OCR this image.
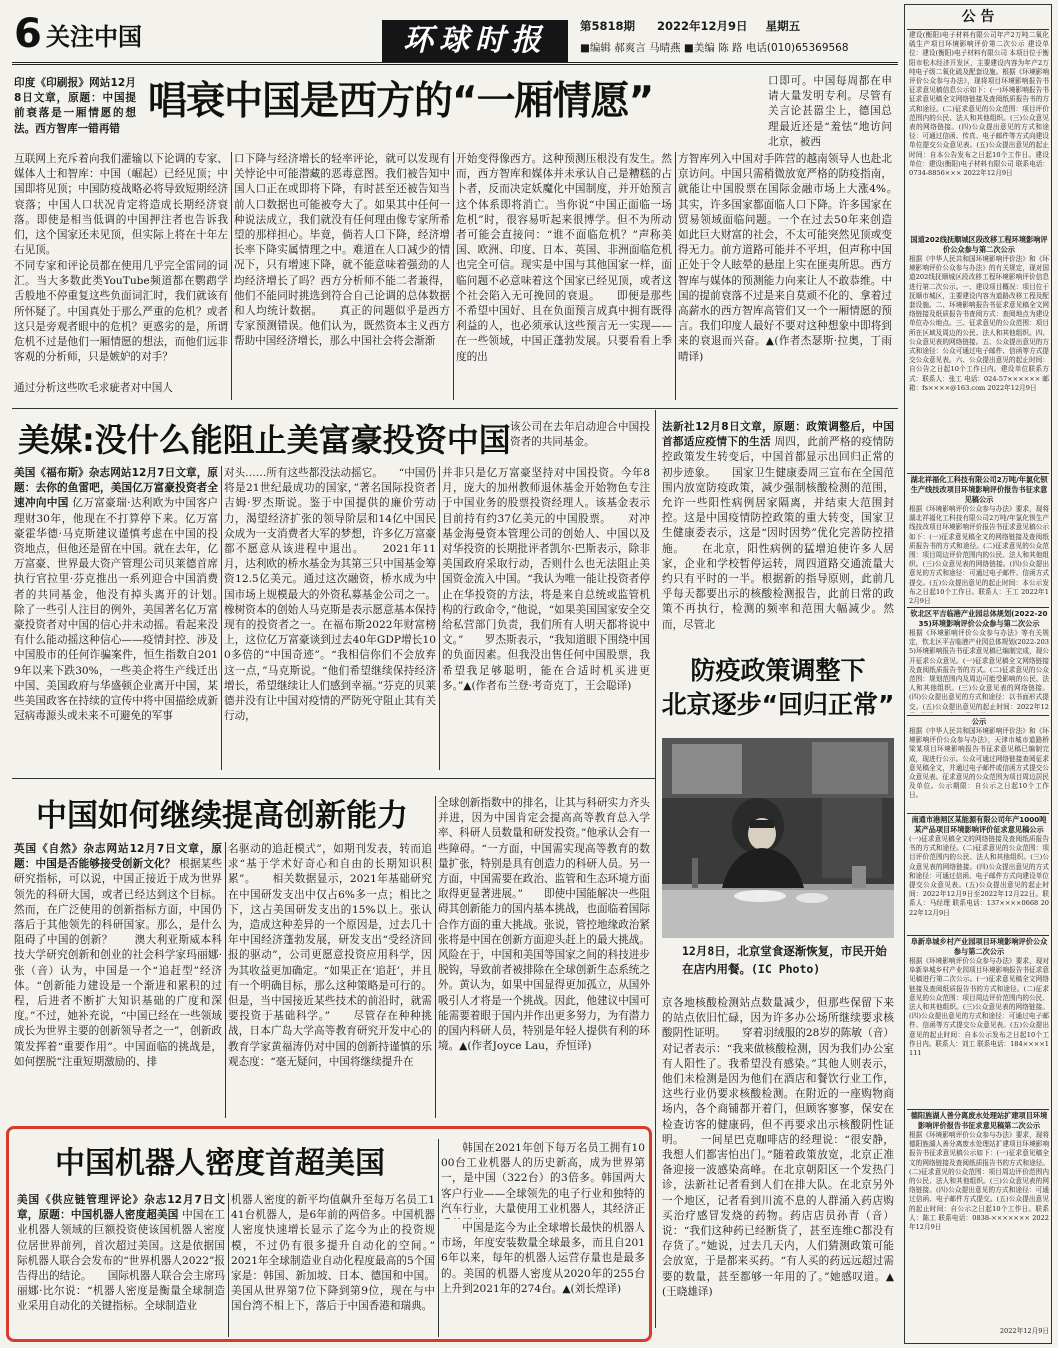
6 关注中国	环球时报	第5818期 2022年12月9日 星期五
■编辑 郝爽言 马晴燕 ■美编 陈 路 电话(010)65369568
印度《印刷报》网站12月8日文章，原题：中国提前衰落是一厢情愿的想法。西方智库一错再错
唱衰中国是西方的“一厢情愿”
互联网上充斥着向我们灌输以下论调的专家、媒体人士和智库：中国（崛起）已经见顶；中国即将见顶；中国防疫战略必将导致短期经济衰落；中国人口状况肯定将造成长期经济衰落。即使是相当低调的中国押注者也告诉我们，这个国家还未见顶，但实际上将在十年左右见顶。
不同专家和评论员都在使用几乎完全雷同的词汇。当大多数此类YouTube频道都在鹦鹉学舌般地不停重复这些负面词汇时，我们就该有所怀疑了。中国真处于那么严重的危机？或者这只是旁观者眼中的危机？更惑劣的是，所谓危机不过是他们一厢情愿的想法，而他们远非客观的分析师，只是嫉妒的对手？
通过分析这些吹毛求疵者对中国人
口下降与经济增长的轻率评论，就可以发现有关悖论中可能潜藏的恶毒意图。我们被告知中国人口正在或即将下降，有时甚至还被告知当前人口数据也可能被夸大了。如果其中任何一种说法成立，我们就没有任何理由像专家所希望的那样担心。毕竟，倘若人口下降，经济增长率下降实属情理之中。难道在人口减少的情况下，只有增速下降，就不能意味着强劲的人均经济增长了吗？西方分析师不能二者兼得，他们不能同时挑选到符合自己论调的总体数据和人均统计数据。　　真正的问题似乎是西方专家预测错误。他们认为，既然资本主义西方帮助中国经济增长，那么中国社会将会渐渐
开始变得像西方。这种预测压根没有发生。然而，西方智库和媒体并未承认自己是糟糕的占卜者，反而决定妖魔化中国制度，并开始预言这个体系即将消亡。当你说“中国正面临一场危机”时，很容易听起来很博学。但不为所动者可能会直接问：“谁不面临危机？”声称美国、欧洲、印度、日本、英国、非洲面临危机也完全可信。现实是中国与其他国家一样，面临问题不必意味着这个国家已经见顶，或者这个社会陷入无可挽回的衰退。　　即便是那些不希望中国好、且在负面预言成真中拥有既得利益的人，也必须承认这些预言无一实现——在一些领域，中国正蓬勃发展。只要看看上季度的出
口即可。中国每周都在申请大量发明专利。尽管有关言论甚嚣尘上，德国总理最近还是“羞怯”地访问北京，被西
方智库列入中国对手阵营的越南领导人也赴北京访问。中国只需稍微放宽严格的防疫指南，就能让中国股票在国际金融市场上大涨4%。　　其实，许多国家都面临人口下降。许多国家在贸易领域面临问题。一个在过去50年来创造如此巨大财富的社会，不太可能突然见顶或变得无力。前方道路可能并不平坦，但声称中国正处于令人眩晕的悬崖上实在匪夷所思。西方智库与媒体的预测能力向来让人不敢恭维。中国的提前衰落不过是来自莫顽不化的、拿着过高薪水的西方智库高管们又一个一厢情愿的预言。我们印度人最好不要对这种想象中即将到来的衰退而兴奋。▲(作者杰瑟斯·拉奥，丁雨晴译)
美媒:没什么能阻止美富豪投资中国 该公司在去年启动迎合中国投资者的共同基金。
美国《福布斯》杂志网站12月7日文章，原题：去你的鱼雷吧，美国亿万富豪投资者全速冲向中国 亿万富豪瑞·达利欧为中国客户理财30年，他现在不打算停下来。亿万富豪霍华德·马克斯建议谨慎考虑在中国的投资地点，但他还是留在中国。就在去年，亿万富豪、世界最大资产管理公司贝莱德首席执行官拉里·芬克推出一系列迎合中国消费者的共同基金，他没有掉头离开的计划。　　除了一些引人注目的例外，美国著名亿万富豪投资者对中国的信心并未动摇。看起来没有什么能动摇这种信心——疫情封控、涉及中国股市的任何诈骗案件，恒生指数自2019年以来下跌30%，一些美企将生产线迁出中国、美国政府与华盛顿企业离开中国，某些美国政客在持续的宣传中将中国描绘成新冠病毒源头或未来不可避免的军事
对头……所有这些都没法动摇它。　　“中国仍将是21世纪最成功的国家，”著名国际投资者吉姆·罗杰斯说。鉴于中国提供的廉价劳动力，渴望经济扩张的领导阶层和14亿中国民众成为一支消费者大军的梦想，许多亿万富豪都不愿意从该进程中退出。　　2021年11月，达利欧的桥水基金为其第三只中国基金筹资12.5亿美元。通过这次融资，桥水成为中国市场上规模最大的外资私募基金公司之一。橡树资本的创始人马克斯是表示愿意基本保持现有的投资者之一。在福布斯2022年财富榜上，这位亿万富豪谈到过去40年GDP增长100多倍的“中国奇迹”。“我相信你们不会放弃这一点，”马克斯说。“他们希望继续保持经济增长，希望继续让人们感到幸福。”芬克的贝莱德并没有让中国对疫情的严防死守阻止其有关行动，
并非只是亿万富豪坚持对中国投资。今年8月，庞大的加州教师退休基金开始物色专注于中国业务的股票投资经理人。该基金表示目前持有约37亿美元的中国股票。　　对冲基金海曼资本管理公司的创始人、中国以及对华投资的长期批评者凯尔·巴斯表示，除非美国政府采取行动，否则什么也无法阻止美国资金流入中国。“我认为唯一能让投资者停止在华投资的方法，将是来自总统或监管机构的行政命令，”他说，“如果美国国家安全交给私营部门负责，我们所有人明天都将说中文。”　　罗杰斯表示，“我知道眼下围绕中国的负面因素。但我没出售任何中国股票，我希望我足够聪明，能在合适时机买进更多。”▲(作者布兰登·考奇克丁，王会聪译)
法新社12月8日文章，原题：政策调整后，中国首都适应疫情下的生活 周四，此前严格的疫情防控政策发生转变后，中国首都显示出回归正常的初步迹象。　　国家卫生健康委周三宣布在全国范围内放宽防疫政策，减少强制核酸检测的范围，允许一些阳性病例居家隔离，并结束大范围封控。这是中国疫情防控政策的重大转变，国家卫生健康委表示，这是“因时因势”优化完善防控措施。　　在北京，阳性病例的猛增迫使许多人居家，企业和学校暂停运转，周四道路交通流量大约只有平时的一半。根据新的指导原则，此前几乎每天都要出示的核酸检测报告，此前日常的政策不再执行，检测的频率和范围大幅减少。然而，尽管北
防疫政策调整下
北京逐步“回归正常”
12月8日，北京堂食逐渐恢复，市民开始在店内用餐。(IC Photo)
京各地核酸检测站点数量减少，但那些保留下来的站点依旧忙碌，因为许多办公场所继续要求核酸阴性证明。　　穿着羽绒服的28岁的陈敏（音）对记者表示：“我来做核酸检测，因为我们办公室有人阳性了。我希望没有感染。”其他人则表示，他们未检测是因为他们在酒店和餐饮行业工作，这些行业仍要求核酸检测。在附近的一座购物商场内，各个商铺都开着门，但顾客寥寥，保安在检查访客的健康码，但不再要求出示核酸阴性证明。　　一间星巴克咖啡店的经理说：“很安静，我想人们都害怕出门。”随着政策放宽，北京正准备迎接一波感染高峰。在北京朝阳区一个发热门诊，法新社记者看到人们在排大队。在北京另外一个地区，记者看到川流不息的人群涌入药店购买治疗感冒发烧的药物。药店店员孙青（音）说：“我们这种药已经断货了，甚至连维C都没有存货了。”她说，过去几天内，人们猜测政策可能会放宽，于是都来买药。“有人买的药远远超过需要的数量，甚至都够一年用的了。”她感叹道。▲(王晓雄译)
中国如何继续提高创新能力
英国《自然》杂志网站12月7日文章，原题：中国是否能够接受创新文化？ 根据某些研究指标，可以说，中国正接近于成为世界领先的科研大国，或者已经达到这个目标。然而，在广泛使用的创新指标方面，中国仍落后于其他领先的科研国家。那么，是什么阻碍了中国的创新？　　澳大利亚斯威本科技大学研究创新和创业的社会科学家玛丽娜·张（音）认为，中国是一个“追赶型”经济体。“创新能力建设是一个渐进和累积的过程，后进者不断扩大知识基础的广度和深度。”不过，她补充说，“中国已经在一些领域成长为世界主要的创新领导者之一”，创新政策发挥着“重要作用”。中国面临的挑战是，如何摆脱“注重短期激励的、排
名驱动的追赶模式”，如期刊发表，转而追求“基于学术好奇心和自由的长期知识积累”。　　相关数据显示，2021年基础研究在中国研发支出中仅占6%多一点；相比之下，这占美国研发支出的15%以上。张认为，造成这种差异的一个原因是，过去几十年中国经济蓬勃发展，研发支出“受经济回报的驱动”，公司更愿意投资应用科学，因为其收益更加确定。“如果正在‘追赶’，并且有一个明确目标，那么这种策略是可行的。但是，当中国接近某些技术的前沿时，就需要投资于基础科学。”　　尽管存在种种挑战，日本广岛大学高等教育研究开发中心的教育学家黄福涛仍对中国的创新持谨慎的乐观态度：“毫无疑问，中国将继续提升在
全球创新指数中的排名，让其与科研实力齐头并进，因为中国肯定会提高高等教育总入学率、科研人员数量和研发投资。”他承认会有一些障碍。“一方面，中国需实现高等教育的数量扩张，特别是具有创造力的科研人员。另一方面，中国需要在政治、监管和生态环境方面取得更显著进展。”　　即使中国能解决一些阻碍其创新能力的国内基本挑战，也面临着国际合作方面的重大挑战。张说，管控地缘政治紧张将是中国在创新方面迎头赶上的最大挑战。风险在于，中国和美国等国家之间的科技进步脱钩，导致前者被排除在全球创新生态系统之外。黄认为，如果中国显得更加孤立，从国外吸引人才将是一个挑战。因此，他建议中国可能需要着眼于国内并作出更多努力，为有潜力的国内科研人员，特别是年轻人提供有利的环境。▲(作者Joyce Lau，乔恒译)
中国机器人密度首超美国
美国《供应链管理评论》杂志12月7日文章，原题：中国机器人密度超美国 中国在工业机器人领域的巨额投资使该国机器人密度位居世界前列，首次超过美国。这是依据国际机器人联合会发布的“世界机器人2022”报告得出的结论。　　国际机器人联合会主席玛丽娜·比尔说：“机器人密度是衡量全球制造业采用自动化的关键指标。全球制造业
机器人密度的新平均值飙升至每万名员工141台机器人，是6年前的两倍多。中国机器人密度快速增长显示了迄今为止的投资规模，不过仍有很多提升自动化的空间。”　　2021年全球制造业自动化程度最高的5个国家是：韩国、新加坡、日本、德国和中国。美国从世界第7位下降到第9位，现在与中国台湾不相上下，落后于中国香港和瑞典。
韩国在2021年创下每万名员工拥有1000台工业机器人的历史新高，成为世界第一，是中国（322台）的3倍多。韩国两大客户行业——全球领先的电子行业和独特的汽车行业，大量使用工业机器人，其经济正
中国是迄今为止全球增长最快的机器人市场，年度安装数量全球最多，而且自2016年以来，每年的机器人运营存量也是最多的。美国的机器人密度从2020年的255台上升到2021年的274台。▲(刘长煌译)
公 告
建设(衡阳)电子材料有限公司年产2万吨二氧化硫生产项目环境影响评价第二次公示 建设单位：建设(衡阳)电子材料有限公司 本项目位于衡阳市松木经济开发区，主要建设内容为年产2万吨电子级二氧化硫及配套设施。根据《环境影响评价公众参与办法》，现将项目环境影响报告书征求意见稿信息公示如下：(一)环境影响报告书征求意见稿全文网络链接及查阅纸质报告书的方式和途径。(二)征求意见的公众范围：项目评价范围内的公民、法人和其他组织。(三)公众意见表的网络链接。(四)公众提出意见的方式和途径：可通过信函、传真、电子邮件等方式向建设单位提交公众意见表。(五)公众提出意见的起止时间：自本公告发布之日起10个工作日。建设单位：建设(衡阳)电子材料有限公司 联系电话：0734-8856××× 2022年12月9日
国道202线抚顺城区段改移工程环境影响评价公众参与第二次公示
根据《中华人民共和国环境影响评价法》和《环境影响评价公众参与办法》的有关规定，现对国道202线抚顺城区段改移工程环境影响评价信息进行第二次公示。一、建设项目概况：项目位于抚顺市城区，主要建设内容为道路改移工程及配套设施。二、环境影响报告书征求意见稿全文网络链接及纸质报告书查阅方式：查阅地点为建设单位办公地点。三、征求意见的公众范围：项目所在区域及周边的公民、法人和其他组织。四、公众意见表的网络链接。五、公众提出意见的方式和途径：公众可通过电子邮件、信函等方式提交公众意见表。六、公众提出意见的起止时间：自公告之日起10个工作日内。建设单位联系方式：联系人：张工 电话：024-57×××××× 邮箱：fs××××@163.com 2022年12月9日
湖北祥福化工科技有限公司2万吨/年氯化钡生产线技改项目环境影响评价报告书征求意见稿公示
根据《环境影响评价公众参与办法》要求，现将湖北祥福化工科技有限公司2万吨/年氯化钡生产线技改项目环境影响评价报告书征求意见稿公示如下：(一)征求意见稿全文的网络链接及查阅纸质报告书的方式和途径。(二)征求意见的公众范围：项目周边评价范围内的公民、法人和其他组织。(三)公众意见表的网络链接。(四)公众提出意见的方式和途径：可通过电子邮件、信函方式提交。(五)公众提出意见的起止时间：本公示发布之日起10个工作日。联系人：王工 2022年12月9日
钦北区平吉临港产业园总体规划(2022-2035)环境影响评价公众参与第二次公示
根据《环境影响评价公众参与办法》等有关规定，钦北区平吉临港产业园总体规划(2022-2035)环境影响报告书征求意见稿已编制完成，现公开征求公众意见。(一)征求意见稿全文网络链接及查阅纸质报告书的方式。(二)征求意见的公众范围：规划范围内及周边可能受影响的公民、法人和其他组织。(三)公众意见表的网络链接。(四)公众提出意见的方式和途径：以书面形式提交。(五)公众提出意见的起止时间：2022年12
公示
根据《中华人民共和国环境影响评价法》和《环境影响评价公众参与办法》，天津市城市道路桥梁某项目环境影响报告书征求意见稿已编制完成，现进行公示。公众可通过网络链接查阅征求意见稿全文，并通过电子邮件或信函方式提交公众意见表。征求意见的公众范围为项目周边居民及单位。公示期限：自公示之日起10个工作日。
南通市港闸区某能源有限公司年产1000吨某产品项目环境影响评价征求意见稿公示
(一)征求意见稿全文的网络链接及查阅纸质报告书的方式和途径。(二)征求意见的公众范围：项目评价范围内的公民、法人和其他组织。(三)公众意见表的网络链接。(四)公众提出意见的方式和途径：可通过信函、电子邮件方式向建设单位提交公众意见表。(五)公众提出意见的起止时间：2022年12月9日至2022年12月22日。联系人：马经理 联系电话：137××××0668 2022年12月9日
阜新阜城乡村产业园项目环境影响评价公众参与第二次公示
根据《环境影响评价公众参与办法》要求，现对阜新阜城乡村产业园项目环境影响报告书征求意见稿进行第二次公示。(一)征求意见稿全文网络链接及查阅纸质报告书的方式和途径。(二)征求意见的公众范围：项目周边评价范围内的公民、法人和其他组织。(三)公众意见表的网络链接。(四)公众提出意见的方式和途径：可通过电子邮件、信函等方式提交公众意见表。(五)公众提出意见的起止时间：自本公示发布之日起10个工作日内。联系人：刘工 联系电话：184××××1111
德阳旌湖人善分离废水处理站扩建项目环境影响评价报告书征求意见稿第二次公示
根据《环境影响评价公众参与办法》要求，现将德阳旌湖人善分离废水处理站扩建项目环境影响报告书征求意见稿公示如下：(一)征求意见稿全文的网络链接及查阅纸质报告书的方式和途径。(二)征求意见的公众范围：项目周边评价范围内的公民、法人和其他组织。(三)公众意见表的网络链接。(四)公众提出意见的方式和途径：可通过信函、电子邮件方式提交。(五)公众提出意见的起止时间：自公示之日起10个工作日。联系人：陈工 联系电话：0838-××××××× 2022年12月9日
2022年12月9日
